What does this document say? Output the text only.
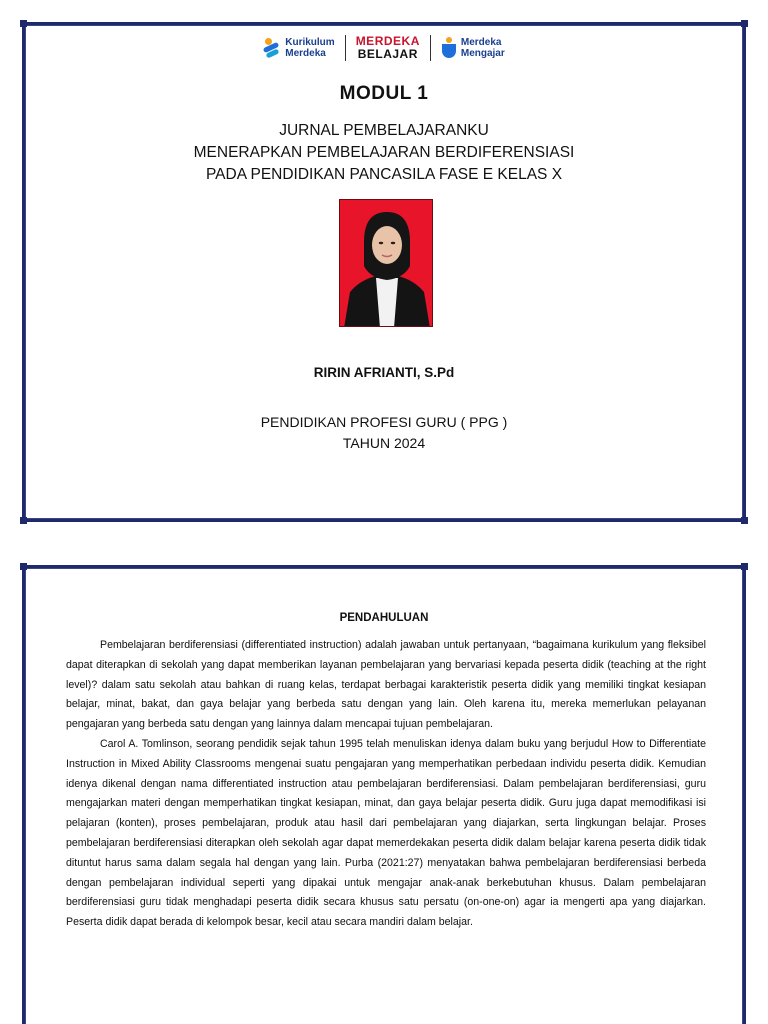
Kurikulum
Merdeka
MERDEKA
BELAJAR
Merdeka
Mengajar
MODUL 1
JURNAL PEMBELAJARANKU
MENERAPKAN PEMBELAJARAN BERDIFERENSIASI
PADA PENDIDIKAN PANCASILA FASE E KELAS X
RIRIN AFRIANTI, S.Pd
PENDIDIKAN PROFESI GURU ( PPG )
TAHUN 2024
PENDAHULUAN

Pembelajaran berdiferensiasi (differentiated instruction) adalah jawaban untuk pertanyaan, “bagaimana kurikulum yang fleksibel dapat diterapkan di sekolah yang dapat memberikan layanan pembelajaran yang bervariasi kepada peserta didik (teaching at the right level)? dalam satu sekolah atau bahkan di ruang kelas, terdapat berbagai karakteristik peserta didik yang memiliki tingkat kesiapan belajar, minat, bakat, dan gaya belajar yang berbeda satu dengan yang lain. Oleh karena itu, mereka memerlukan pelayanan pengajaran yang berbeda satu dengan yang lainnya dalam mencapai tujuan pembelajaran.

Carol A. Tomlinson, seorang pendidik sejak tahun 1995 telah menuliskan idenya dalam buku yang berjudul How to Differentiate Instruction in Mixed Ability Classrooms mengenai suatu pengajaran yang memperhatikan perbedaan individu peserta didik. Kemudian idenya dikenal dengan nama differentiated instruction atau pembelajaran berdiferensiasi. Dalam pembelajaran berdiferensiasi, guru mengajarkan materi dengan memperhatikan tingkat kesiapan, minat, dan gaya belajar peserta didik. Guru juga dapat memodifikasi isi pelajaran (konten), proses pembelajaran, produk atau hasil dari pembelajaran yang diajarkan, serta lingkungan belajar. Proses pembelajaran berdiferensiasi diterapkan oleh sekolah agar dapat memerdekakan peserta didik dalam belajar karena peserta didik tidak dituntut harus sama dalam segala hal dengan yang lain. Purba (2021:27) menyatakan bahwa pembelajaran berdiferensiasi berbeda dengan pembelajaran individual seperti yang dipakai untuk mengajar anak-anak berkebutuhan khusus. Dalam pembelajaran berdiferensiasi guru tidak menghadapi peserta didik secara khusus satu persatu (on-one-on) agar ia mengerti apa yang diajarkan. Peserta didik dapat berada di kelompok besar, kecil atau secara mandiri dalam belajar.
